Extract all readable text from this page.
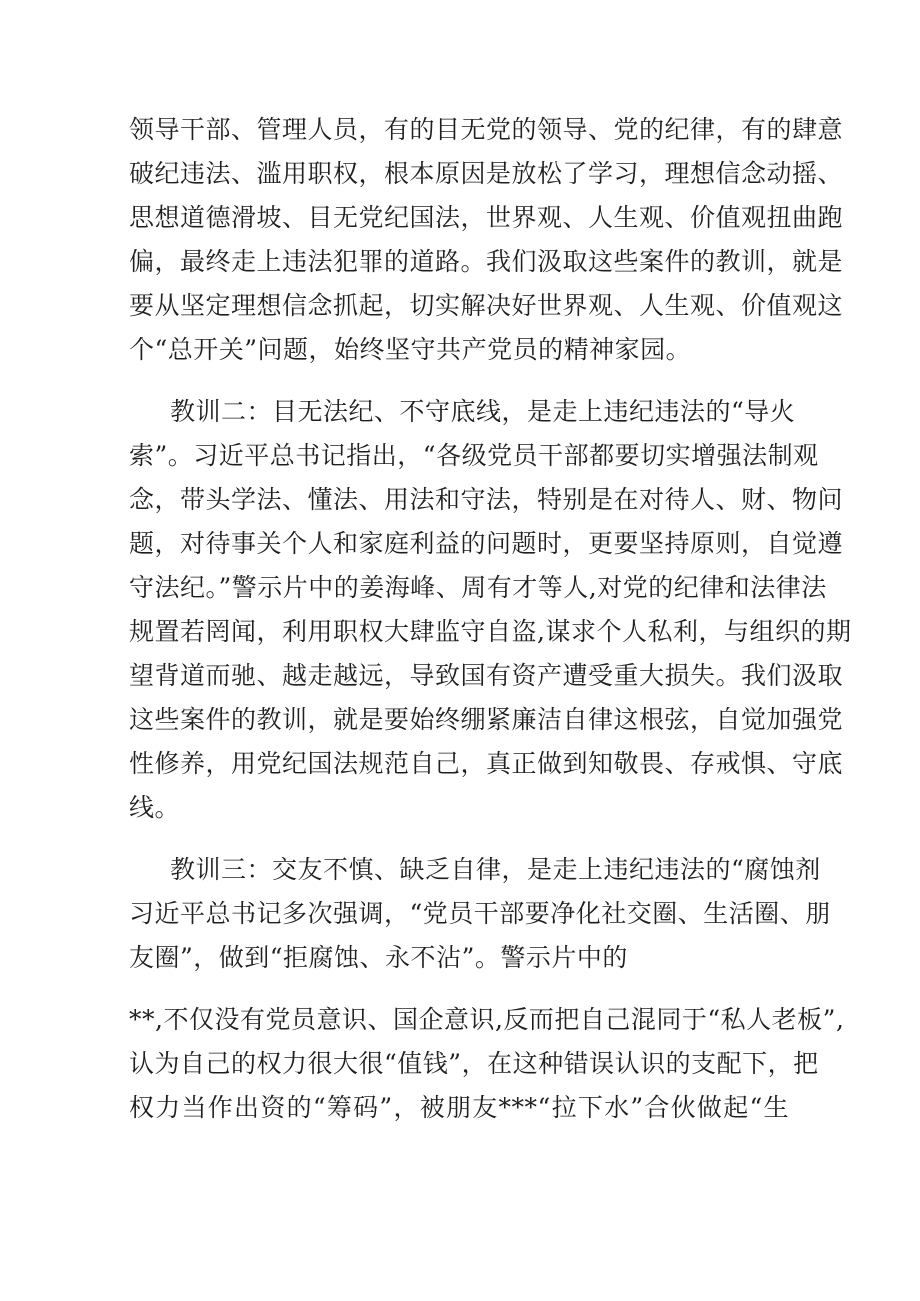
领导干部、管理人员，有的目无党的领导、党的纪律，有的肆意
破纪违法、滥用职权，根本原因是放松了学习，理想信念动摇、
思想道德滑坡、目无党纪国法，世界观、人生观、价值观扭曲跑
偏，最终走上违法犯罪的道路。我们汲取这些案件的教训，就是
要从坚定理想信念抓起，切实解决好世界观、人生观、价值观这
个“总开关”问题，始终坚守共产党员的精神家园。
教训二：目无法纪、不守底线，是走上违纪违法的“导火
索”。习近平总书记指出，“各级党员干部都要切实增强法制观
念，带头学法、懂法、用法和守法，特别是在对待人、财、物问
题，对待事关个人和家庭利益的问题时，更要坚持原则，自觉遵
守法纪。”警示片中的姜海峰、周有才等人,对党的纪律和法律法
规置若罔闻，利用职权大肆监守自盗,谋求个人私利，与组织的期
望背道而驰、越走越远，导致国有资产遭受重大损失。我们汲取
这些案件的教训，就是要始终绷紧廉洁自律这根弦，自觉加强党
性修养，用党纪国法规范自己，真正做到知敬畏、存戒惧、守底
线。
教训三：交友不慎、缺乏自律，是走上违纪违法的“腐蚀剂
习近平总书记多次强调，“党员干部要净化社交圈、生活圈、朋
友圈”，做到“拒腐蚀、永不沾”。警示片中的
**,不仅没有党员意识、国企意识,反而把自己混同于“私人老板”,
认为自己的权力很大很“值钱”，在这种错误认识的支配下，把
权力当作出资的“筹码”，被朋友***“拉下水”合伙做起“生
